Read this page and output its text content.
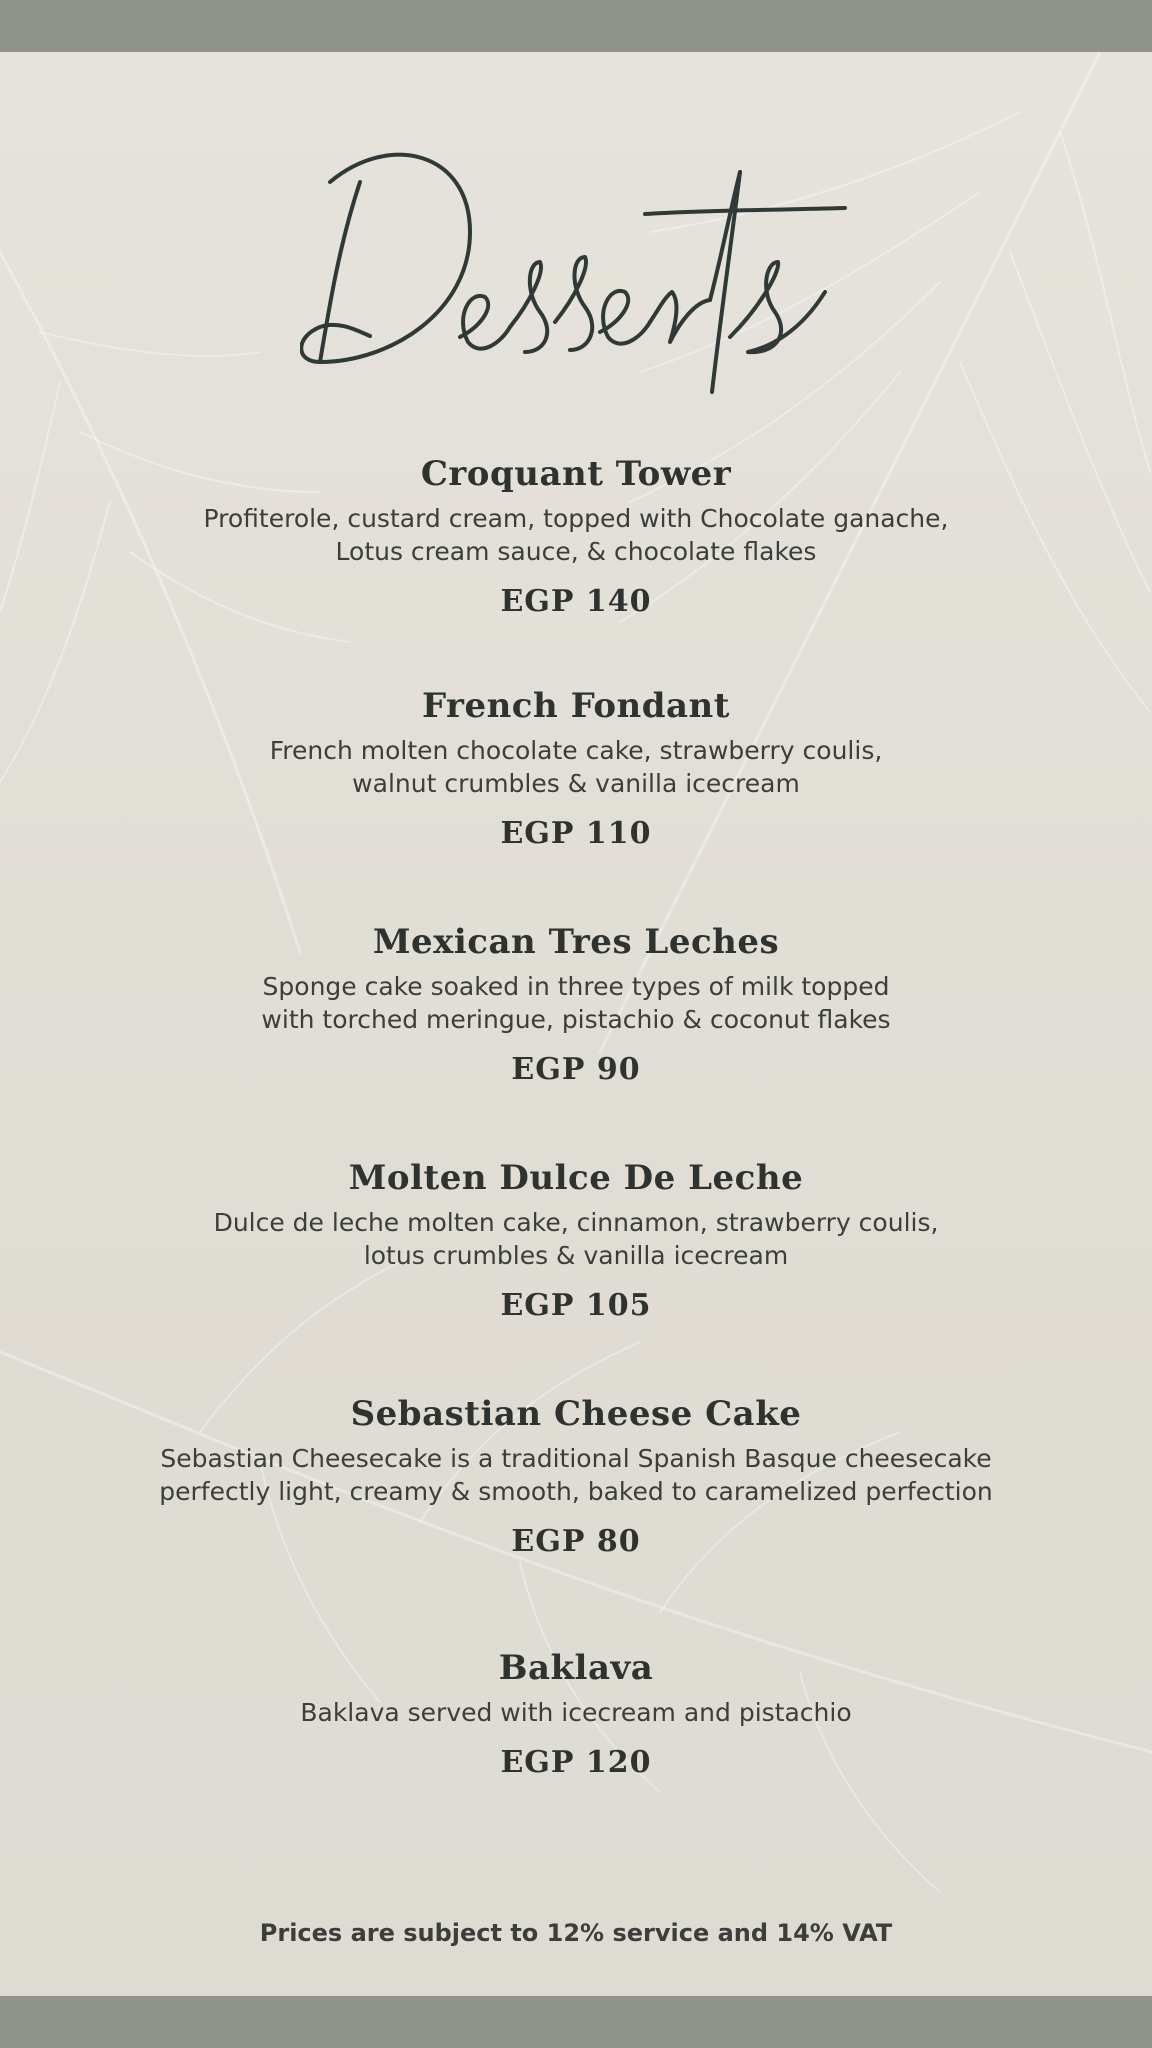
Croquant Tower
Profiterole, custard cream, topped with Chocolate ganache,
Lotus cream sauce, & chocolate flakes
EGP 140
French Fondant
French molten chocolate cake, strawberry coulis,
walnut crumbles & vanilla icecream
EGP 110
Mexican Tres Leches
Sponge cake soaked in three types of milk topped
with torched meringue, pistachio & coconut flakes
EGP 90
Molten Dulce De Leche
Dulce de leche molten cake, cinnamon, strawberry coulis,
lotus crumbles & vanilla icecream
EGP 105
Sebastian Cheese Cake
Sebastian Cheesecake is a traditional Spanish Basque cheesecake
perfectly light, creamy & smooth, baked to caramelized perfection
EGP 80
Baklava
Baklava served with icecream and pistachio
EGP 120
Prices are subject to 12% service and 14% VAT
